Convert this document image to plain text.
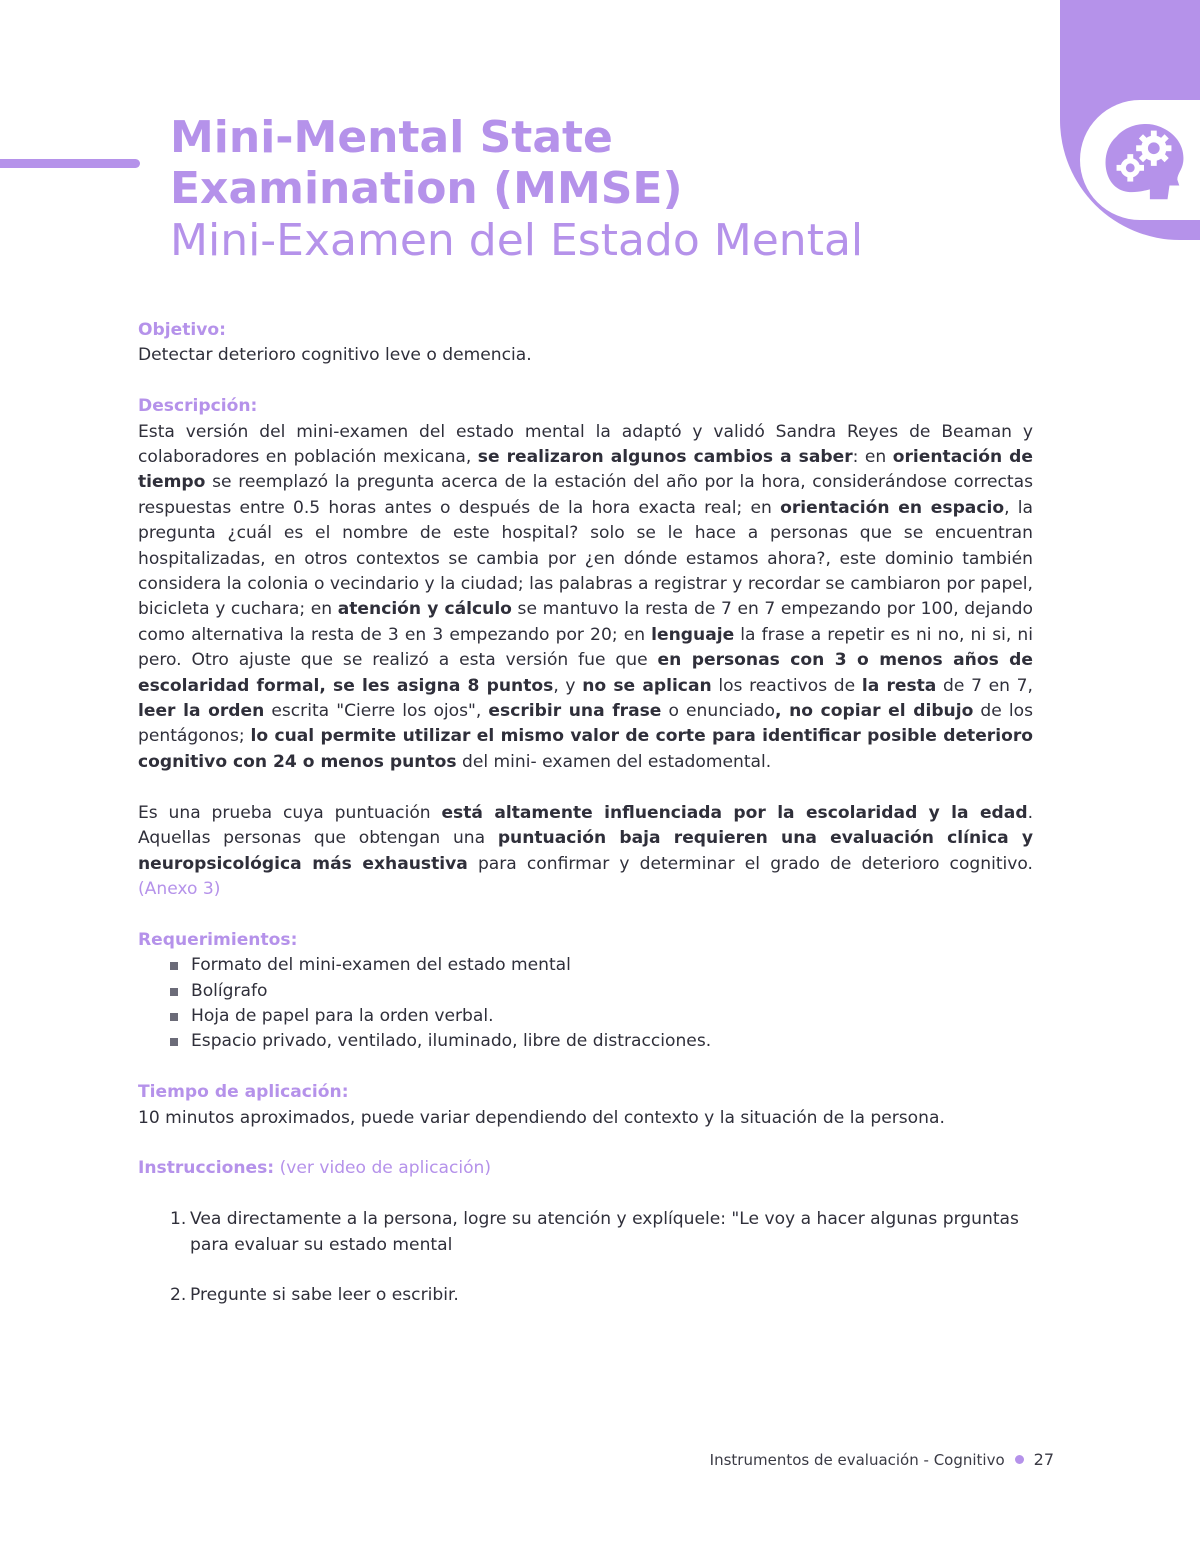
Mini-Mental State
Examination (MMSE)
Mini-Examen del Estado Mental

Objetivo:

Detectar deterioro cognitivo leve o demencia.

Descripción:

Esta versión del mini-examen del estado mental la adaptó y validó Sandra Reyes de Beaman y colaboradores en población mexicana, se realizaron algunos cambios a saber: en orientación de tiempo se reemplazó la pregunta acerca de la estación del año por la hora, considerándose correctas respuestas entre 0.5 horas antes o después de la hora exacta real; en orientación en espacio, la pregunta ¿cuál es el nombre de este hospital? solo se le hace a personas que se encuentran hospitalizadas, en otros contextos se cambia por ¿en dónde estamos ahora?, este dominio también considera la colonia o vecindario y la ciudad; las palabras a registrar y recordar se cambiaron por papel, bicicleta y cuchara; en atención y cálculo se mantuvo la resta de 7 en 7 empezando por 100, dejando como alternativa la resta de 3 en 3 empezando por 20; en lenguaje la frase a repetir es ni no, ni si, ni pero. Otro ajuste que se realizó a esta versión fue que en personas con 3 o menos años de escolaridad formal, se les asigna 8 puntos, y no se aplican los reactivos de la resta de 7 en 7, leer la orden escrita "Cierre los ojos", escribir una frase o enunciado, no copiar el dibujo de los pentágonos; lo cual permite utilizar el mismo valor de corte para identificar posible deterioro cognitivo con 24 o menos puntos del mini- examen del estadomental.

Es una prueba cuya puntuación está altamente influenciada por la escolaridad y la edad. Aquellas personas que obtengan una puntuación baja requieren una evaluación clínica y neuropsicológica más exhaustiva para confirmar y determinar el grado de deterioro cognitivo. (Anexo 3)

Requerimientos:

Formato del mini-examen del estado mental
Bolígrafo
Hoja de papel para la orden verbal.
Espacio privado, ventilado, iluminado, libre de distracciones.

Tiempo de aplicación:

10 minutos aproximados, puede variar dependiendo del contexto y la situación de la persona.

Instrucciones: (ver video de aplicación)

1. Vea directamente a la persona, logre su atención y explíquele: "Le voy a hacer algunas prguntas para evaluar su estado mental
2. Pregunte si sabe leer o escribir.
Instrumentos de evaluación - Cognitivo 27
